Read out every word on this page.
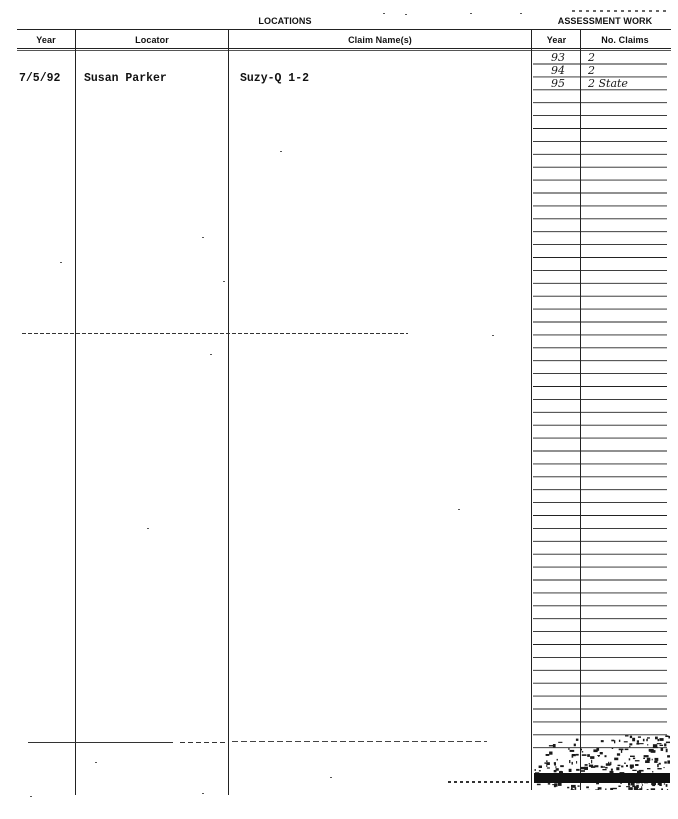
LOCATIONS	ASSESSMENT WORK
Year	Locator	Claim Name(s)	Year	No. Claims
7/5/92 Susan Parker	Suzy-Q 1-2
93 2
94 2
95 2 State
